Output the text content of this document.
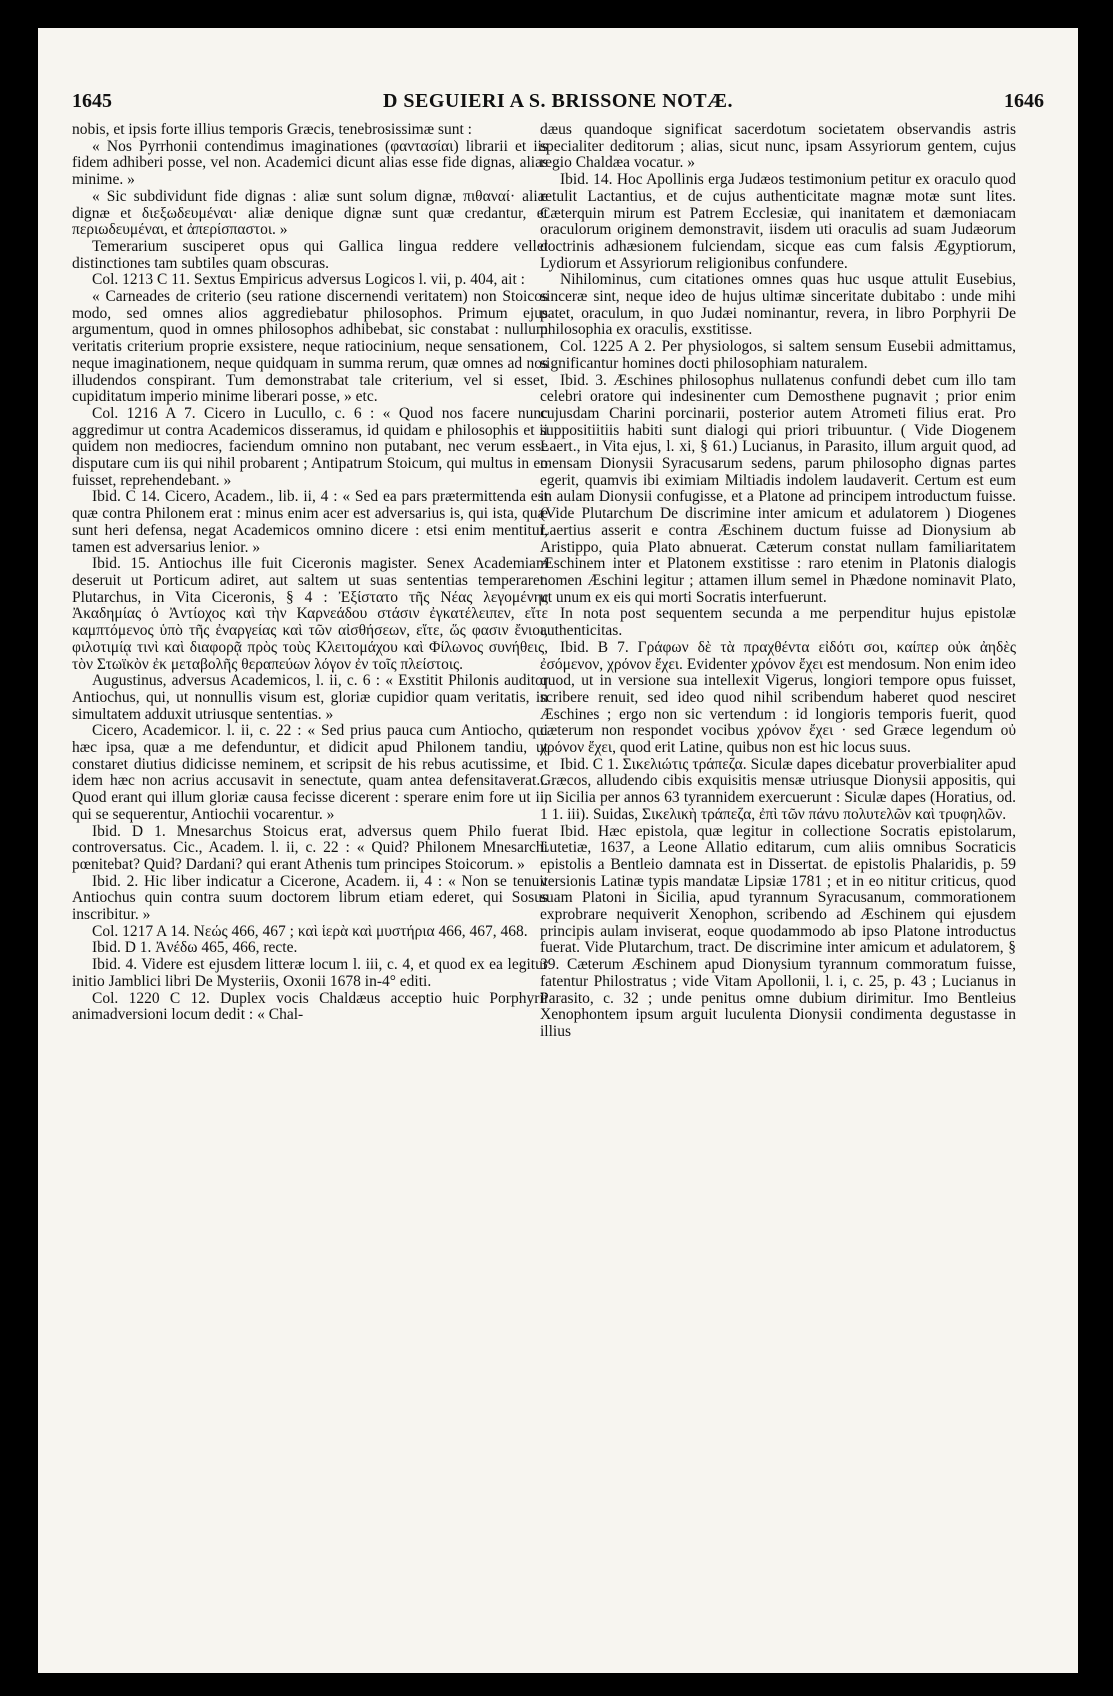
1645	D SEGUIERI A S. BRISSONE NOTÆ.	1646

nobis, et ipsis forte illius temporis Græcis, tenebrosissimæ sunt :

« Nos Pyrrhonii contendimus imaginationes (φαντασίαι) librarii et iis fidem adhiberi posse, vel non. Academici dicunt alias esse fide dignas, alias minime. »

« Sic subdividunt fide dignas : aliæ sunt solum dignæ, πιθαναί· aliæ dignæ et διεξωδευμέναι· aliæ denique dignæ sunt quæ credantur, et περιωδευμέναι, et ἀπερίσπαστοι. »

Temerarium susciperet opus qui Gallica lingua reddere vellet distinctiones tam subtiles quam obscuras.

Col. 1213 C 11. Sextus Empiricus adversus Logicos l. vii, p. 404, ait :

« Carneades de criterio (seu ratione discernendi veritatem) non Stoicos modo, sed omnes alios aggrediebatur philosophos. Primum ejus argumentum, quod in omnes philosophos adhibebat, sic constabat : nullum veritatis criterium proprie exsistere, neque ratiocinium, neque sensationem, neque imaginationem, neque quidquam in summa rerum, quæ omnes ad nos illudendos conspirant. Tum demonstrabat tale criterium, vel si esset, cupiditatum imperio minime liberari posse, » etc.

Col. 1216 A 7. Cicero in Lucullo, c. 6 : « Quod nos facere nunc aggredimur ut contra Academicos disseramus, id quidam e philosophis et ii quidem non mediocres, faciendum omnino non putabant, nec verum esse disputare cum iis qui nihil probarent ; Antipatrum Stoicum, qui multus in eo fuisset, reprehendebant. »

Ibid. C 14. Cicero, Academ., lib. ii, 4 : « Sed ea pars prætermittenda est quæ contra Philonem erat : minus enim acer est adversarius is, qui ista, quæ sunt heri defensa, negat Academicos omnino dicere : etsi enim mentitur, tamen est adversarius lenior. »

Ibid. 15. Antiochus ille fuit Ciceronis magister. Senex Academiam deseruit ut Porticum adiret, aut saltem ut suas sententias temperaret. Plutarchus, in Vita Ciceronis, § 4 : Ἐξίστατο τῆς Νέας λεγομένης Ἀκαδημίας ὁ Ἀντίοχος καὶ τὴν Καρνεάδου στάσιν ἐγκατέλειπεν, εἴτε καμπτόμενος ὑπὸ τῆς ἐναργείας καὶ τῶν αἰσθήσεων, εἴτε, ὥς φασιν ἔνιοι, φιλοτιμίᾳ τινὶ καὶ διαφορᾷ πρὸς τοὺς Κλειτομάχου καὶ Φίλωνος συνήθεις, τὸν Στωϊκὸν ἐκ μεταβολῆς θεραπεύων λόγον ἐν τοῖς πλείστοις.

Augustinus, adversus Academicos, l. ii, c. 6 : « Exstitit Philonis auditor Antiochus, qui, ut nonnullis visum est, gloriæ cupidior quam veritatis, in simultatem adduxit utriusque sententias. »

Cicero, Academicor. l. ii, c. 22 : « Sed prius pauca cum Antiocho, qui hæc ipsa, quæ a me defenduntur, et didicit apud Philonem tandiu, ut constaret diutius didicisse neminem, et scripsit de his rebus acutissime, et idem hæc non acrius accusavit in senectute, quam antea defensitaverat... Quod erant qui illum gloriæ causa fecisse dicerent : sperare enim fore ut ii, qui se sequerentur, Antiochii vocarentur. »

Ibid. D 1. Mnesarchus Stoicus erat, adversus quem Philo fuerat controversatus. Cic., Academ. l. ii, c. 22 : « Quid? Philonem Mnesarchi pœnitebat? Quid? Dardani? qui erant Athenis tum principes Stoicorum. »

Ibid. 2. Hic liber indicatur a Cicerone, Academ. ii, 4 : « Non se tenuit Antiochus quin contra suum doctorem librum etiam ederet, qui Sosus inscribitur. »

Col. 1217 A 14. Νεώς 466, 467 ; καὶ ἱερὰ καὶ μυστήρια 466, 467, 468.

Ibid. D 1. Ἀνέδω 465, 466, recte.

Ibid. 4. Videre est ejusdem litteræ locum l. iii, c. 4, et quod ex ea legitur initio Jamblici libri De Mysteriis, Oxonii 1678 in-4° editi.

Col. 1220 C 12. Duplex vocis Chaldæus acceptio huic Porphyrii animadversioni locum dedit : « Chal-

dæus quandoque significat sacerdotum societatem observandis astris specialiter deditorum ; alias, sicut nunc, ipsam Assyriorum gentem, cujus regio Chaldæa vocatur. »

Ibid. 14. Hoc Apollinis erga Judæos testimonium petitur ex oraculo quod retulit Lactantius, et de cujus authenticitate magnæ motæ sunt lites. Cæterquin mirum est Patrem Ecclesiæ, qui inanitatem et dæmoniacam oraculorum originem demonstravit, iisdem uti oraculis ad suam Judæorum doctrinis adhæsionem fulciendam, sicque eas cum falsis Ægyptiorum, Lydiorum et Assyriorum religionibus confundere.

Nihilominus, cum citationes omnes quas huc usque attulit Eusebius, sinceræ sint, neque ideo de hujus ultimæ sinceritate dubitabo : unde mihi patet, oraculum, in quo Judæi nominantur, revera, in libro Porphyrii De philosophia ex oraculis, exstitisse.

Col. 1225 A 2. Per physiologos, si saltem sensum Eusebii admittamus, significantur homines docti philosophiam naturalem.

Ibid. 3. Æschines philosophus nullatenus confundi debet cum illo tam celebri oratore qui indesinenter cum Demosthene pugnavit ; prior enim cujusdam Charini porcinarii, posterior autem Atrometi filius erat. Pro suppositiitiis habiti sunt dialogi qui priori tribuuntur. ( Vide Diogenem Laert., in Vita ejus, l. xi, § 61.) Lucianus, in Parasito, illum arguit quod, ad mensam Dionysii Syracusarum sedens, parum philosopho dignas partes egerit, quamvis ibi eximiam Miltiadis indolem laudaverit. Certum est eum in aulam Dionysii confugisse, et a Platone ad principem introductum fuisse. (Vide Plutarchum De discrimine inter amicum et adulatorem ) Diogenes Laertius asserit e contra Æschinem ductum fuisse ad Dionysium ab Aristippo, quia Plato abnuerat. Cæterum constat nullam familiaritatem Æschinem inter et Platonem exstitisse : raro etenim in Platonis dialogis nomen Æschini legitur ; attamen illum semel in Phædone nominavit Plato, ut unum ex eis qui morti Socratis interfuerunt.

In nota post sequentem secunda a me perpenditur hujus epistolæ authenticitas.

Ibid. B 7. Γράφων δὲ τὰ πραχθέντα εἰδότι σοι, καίπερ οὐκ ἀηδὲς ἐσόμενον, χρόνον ἔχει. Evidenter χρόνον ἔχει est mendosum. Non enim ideo quod, ut in versione sua intellexit Vigerus, longiori tempore opus fuisset, scribere renuit, sed ideo quod nihil scribendum haberet quod nesciret Æschines ; ergo non sic vertendum : id longioris temporis fuerit, quod cæterum non respondet vocibus χρόνον ἔχει · sed Græce legendum οὐ χρόνον ἔχει, quod erit Latine, quibus non est hic locus suus.

Ibid. C 1. Σικελιώτις τράπεζα. Siculæ dapes dicebatur proverbialiter apud Græcos, alludendo cibis exquisitis mensæ utriusque Dionysii appositis, qui in Sicilia per annos 63 tyrannidem exercuerunt : Siculæ dapes (Horatius, od. 1 1. iii). Suidas, Σικελικὴ τράπεζα, ἐπὶ τῶν πάνυ πολυτελῶν καὶ τρυφηλῶν.

Ibid. Hæc epistola, quæ legitur in collectione Socratis epistolarum, Lutetiæ, 1637, a Leone Allatio editarum, cum aliis omnibus Socraticis epistolis a Bentleio damnata est in Dissertat. de epistolis Phalaridis, p. 59 versionis Latinæ typis mandatæ Lipsiæ 1781 ; et in eo nititur criticus, quod suam Platoni in Sicilia, apud tyrannum Syracusanum, commorationem exprobrare nequiverit Xenophon, scribendo ad Æschinem qui ejusdem principis aulam inviserat, eoque quodammodo ab ipso Platone introductus fuerat. Vide Plutarchum, tract. De discrimine inter amicum et adulatorem, § 39. Cæterum Æschinem apud Dionysium tyrannum commoratum fuisse, fatentur Philostratus ; vide Vitam Apollonii, l. i, c. 25, p. 43 ; Lucianus in Parasito, c. 32 ; unde penitus omne dubium dirimitur. Imo Bentleius Xenophontem ipsum arguit luculenta Dionysii condimenta degustasse in illius
